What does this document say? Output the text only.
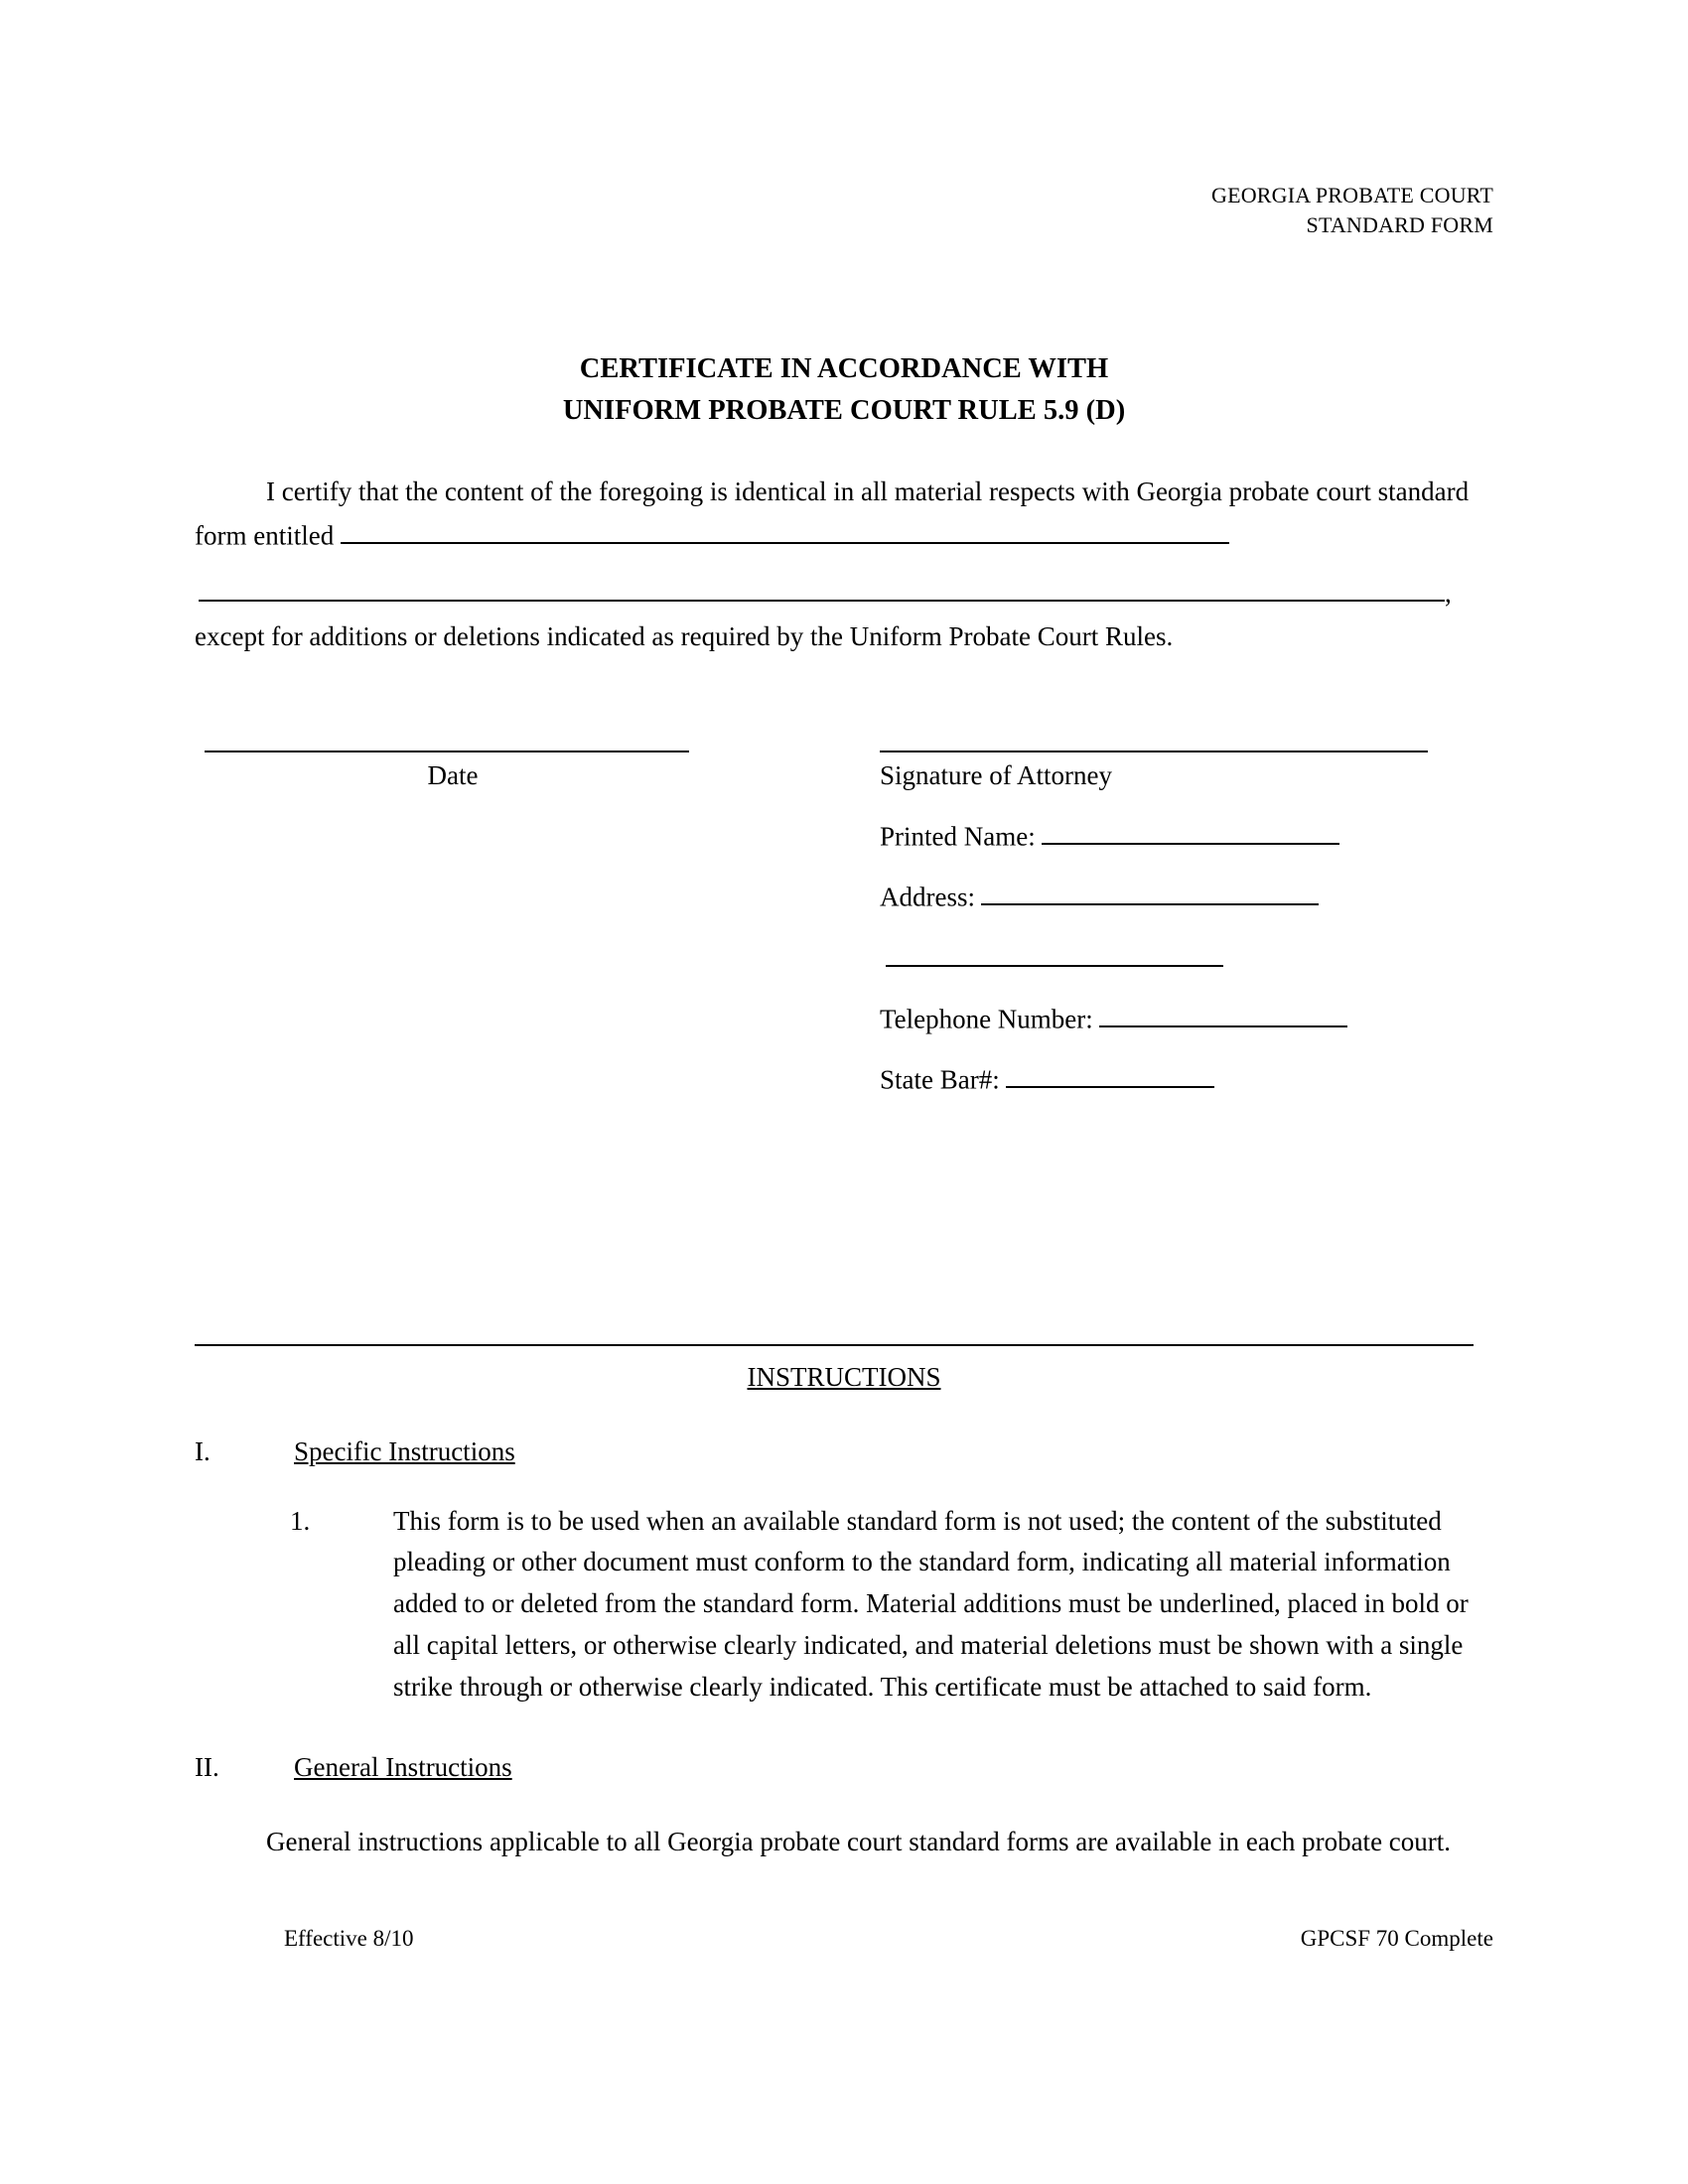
GEORGIA PROBATE COURT
STANDARD FORM
CERTIFICATE IN ACCORDANCE WITH
UNIFORM PROBATE COURT RULE 5.9 (D)
I certify that the content of the foregoing is identical in all material respects with Georgia probate court standard form entitled
,
except for additions or deletions indicated as required by the Uniform Probate Court Rules.
Date	Signature of Attorney
Printed Name:
Address:
Telephone Number:
State Bar#:
INSTRUCTIONS
I.	Specific Instructions
1.	This form is to be used when an available standard form is not used; the content of the substituted pleading or other document must conform to the standard form, indicating all material information added to or deleted from the standard form. Material additions must be underlined, placed in bold or all capital letters, or otherwise clearly indicated, and material deletions must be shown with a single strike through or otherwise clearly indicated. This certificate must be attached to said form.
II.	General Instructions
General instructions applicable to all Georgia probate court standard forms are available in each probate court.
Effective 8/10	GPCSF 70 Complete
